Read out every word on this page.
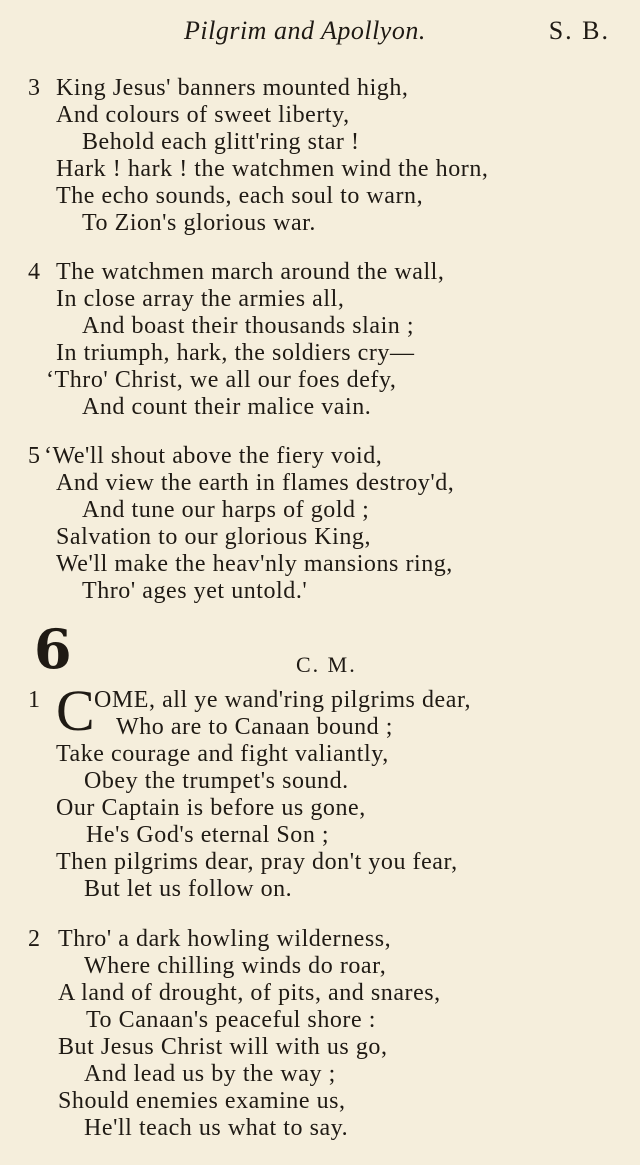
Pilgrim and Apollyon.	S. B.
3 King Jesus' banners mounted high,
And colours of sweet liberty,
Behold each glitt'ring star !
Hark ! hark ! the watchmen wind the horn,
The echo sounds, each soul to warn,
To Zion's glorious war.
4 The watchmen march around the wall,
In close array the armies all,
And boast their thousands slain ;
In triumph, hark, the soldiers cry—
‘Thro' Christ, we all our foes defy,
And count their malice vain.
5 ‘We'll shout above the fiery void,
And view the earth in flames destroy'd,
And tune our harps of gold ;
Salvation to our glorious King,
We'll make the heav'nly mansions ring,
Thro' ages yet untold.'
6	C. M.
1 C OME, all ye wand'ring pilgrims dear,
Who are to Canaan bound ;
Take courage and fight valiantly,
Obey the trumpet's sound.
Our Captain is before us gone,
He's God's eternal Son ;
Then pilgrims dear, pray don't you fear,
But let us follow on.
2 Thro' a dark howling wilderness,
Where chilling winds do roar,
A land of drought, of pits, and snares,
To Canaan's peaceful shore :
But Jesus Christ will with us go,
And lead us by the way ;
Should enemies examine us,
He'll teach us what to say.
